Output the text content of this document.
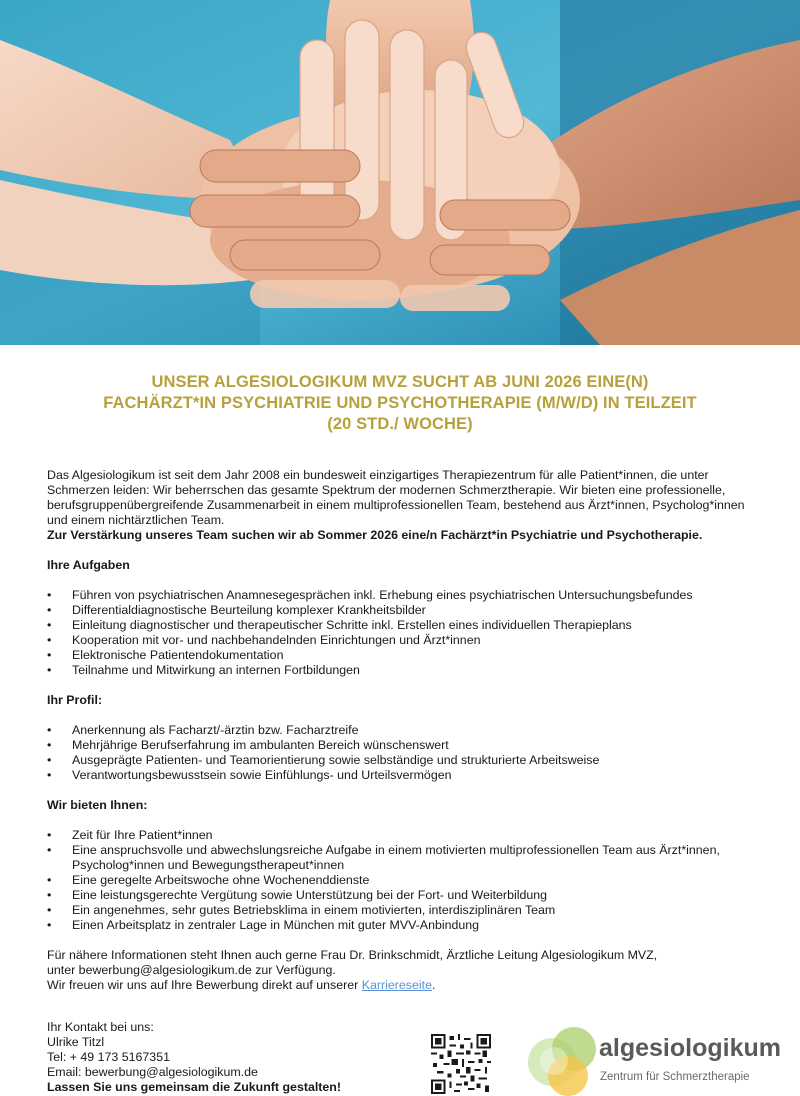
UNSER ALGESIOLOGIKUM MVZ SUCHT AB JUNI 2026 EINE(N)
FACHÄRZT*IN PSYCHIATRIE UND PSYCHOTHERAPIE (M/W/D) IN TEILZEIT
(20 STD./ WOCHE)

Das Algesiologikum ist seit dem Jahr 2008 ein bundesweit einzigartiges Therapiezentrum für alle Patient*innen, die unter Schmerzen leiden: Wir beherrschen das gesamte Spektrum der modernen Schmerztherapie. Wir bieten eine professionelle, berufsgruppenübergreifende Zusammenarbeit in einem multiprofessionellen Team, bestehend aus Ärzt*innen, Psycholog*innen und einem nichtärztlichen Team.

Zur Verstärkung unseres Team suchen wir ab Sommer 2026 eine/n Fachärzt*in Psychiatrie und Psychotherapie.

Ihre Aufgaben
• Führen von psychiatrischen Anamnesegesprächen inkl. Erhebung eines psychiatrischen Untersuchungsbefundes
• Differentialdiagnostische Beurteilung komplexer Krankheitsbilder
• Einleitung diagnostischer und therapeutischer Schritte inkl. Erstellen eines individuellen Therapieplans
• Kooperation mit vor- und nachbehandelnden Einrichtungen und Ärzt*innen
• Elektronische Patientendokumentation
• Teilnahme und Mitwirkung an internen Fortbildungen
Ihr Profil:
• Anerkennung als Facharzt/-ärztin bzw. Facharztreife
• Mehrjährige Berufserfahrung im ambulanten Bereich wünschenswert
• Ausgeprägte Patienten- und Teamorientierung sowie selbständige und strukturierte Arbeitsweise
• Verantwortungsbewusstsein sowie Einfühlungs- und Urteilsvermögen
Wir bieten Ihnen:
• Zeit für Ihre Patient*innen
• Eine anspruchsvolle und abwechslungsreiche Aufgabe in einem motivierten multiprofessionellen Team aus Ärzt*innen, Psycholog*innen und Bewegungstherapeut*innen
• Eine geregelte Arbeitswoche ohne Wochenenddienste
• Eine leistungsgerechte Vergütung sowie Unterstützung bei der Fort- und Weiterbildung
• Ein angenehmes, sehr gutes Betriebsklima in einem motivierten, interdisziplinären Team
• Einen Arbeitsplatz in zentraler Lage in München mit guter MVV-Anbindung

Für nähere Informationen steht Ihnen auch gerne Frau Dr. Brinkschmidt, Ärztliche Leitung Algesiologikum MVZ,

unter bewerbung@algesiologikum.de zur Verfügung.

Wir freuen wir uns auf Ihre Bewerbung direkt auf unserer Karriereseite.

Ihr Kontakt bei uns:
Ulrike Titzl
Tel: + 49 173 5167351
Email: bewerbung@algesiologikum.de
Lassen Sie uns gemeinsam die Zukunft gestalten!
algesiologikum
Zentrum für Schmerztherapie
